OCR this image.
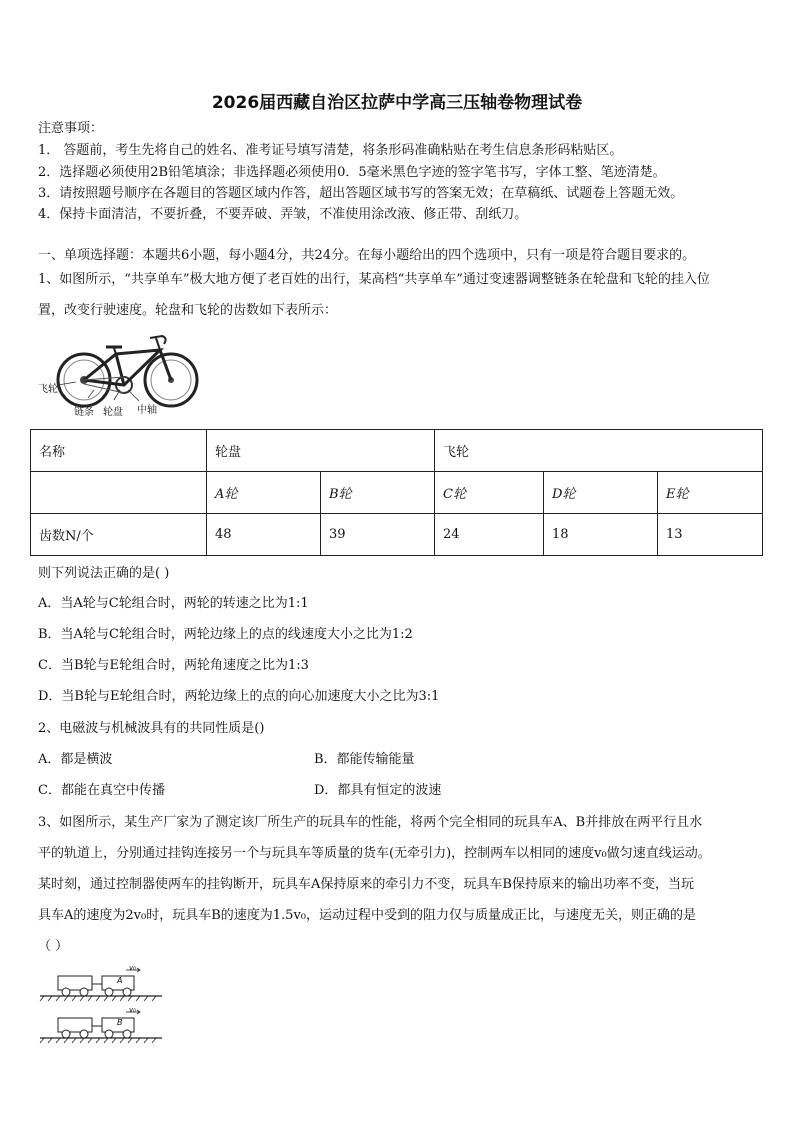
2026届西藏自治区拉萨中学高三压轴卷物理试卷
注意事项：
1． 答题前，考生先将自己的姓名、准考证号填写清楚，将条形码准确粘贴在考生信息条形码粘贴区。
2．选择题必须使用2B铅笔填涂；非选择题必须使用0．5毫米黑色字迹的签字笔书写，字体工整、笔迹清楚。
3．请按照题号顺序在各题目的答题区域内作答，超出答题区域书写的答案无效；在草稿纸、试题卷上答题无效。
4．保持卡面清洁，不要折叠，不要弄破、弄皱，不准使用涂改液、修正带、刮纸刀。
一、单项选择题：本题共6小题，每小题4分，共24分。在每小题给出的四个选项中，只有一项是符合题目要求的。
1、如图所示，“共享单车”极大地方便了老百姓的出行，某高档“共享单车”通过变速器调整链条在轮盘和飞轮的挂入位
置，改变行驶速度。轮盘和飞轮的齿数如下表所示：
飞轮
链条 轮盘 中轴
名称	轮盘		飞轮		
	A轮	B轮	C轮	D轮	E轮
齿数N/个	48	39	24	18	13
则下列说法正确的是( )
A．当A轮与C轮组合时，两轮的转速之比为1:1
B．当A轮与C轮组合时，两轮边缘上的点的线速度大小之比为1:2
C．当B轮与E轮组合时，两轮角速度之比为1:3
D．当B轮与E轮组合时，两轮边缘上的点的向心加速度大小之比为3:1
2、电磁波与机械波具有的共同性质是()
A．都是横波	B．都能传输能量
C．都能在真空中传播	D．都具有恒定的波速
3、如图所示，某生产厂家为了测定该厂所生产的玩具车的性能，将两个完全相同的玩具车A、B并排放在两平行且水
平的轨道上，分别通过挂钩连接另一个与玩具车等质量的货车(无牵引力)，控制两车以相同的速度v₀做匀速直线运动。
某时刻，通过控制器使两车的挂钩断开，玩具车A保持原来的牵引力不变，玩具车B保持原来的输出功率不变，当玩
具车A的速度为2v₀时，玩具车B的速度为1.5v₀，运动过程中受到的阻力仅与质量成正比，与速度无关，则正确的是
（ ）
A
v₀
B
v₀
